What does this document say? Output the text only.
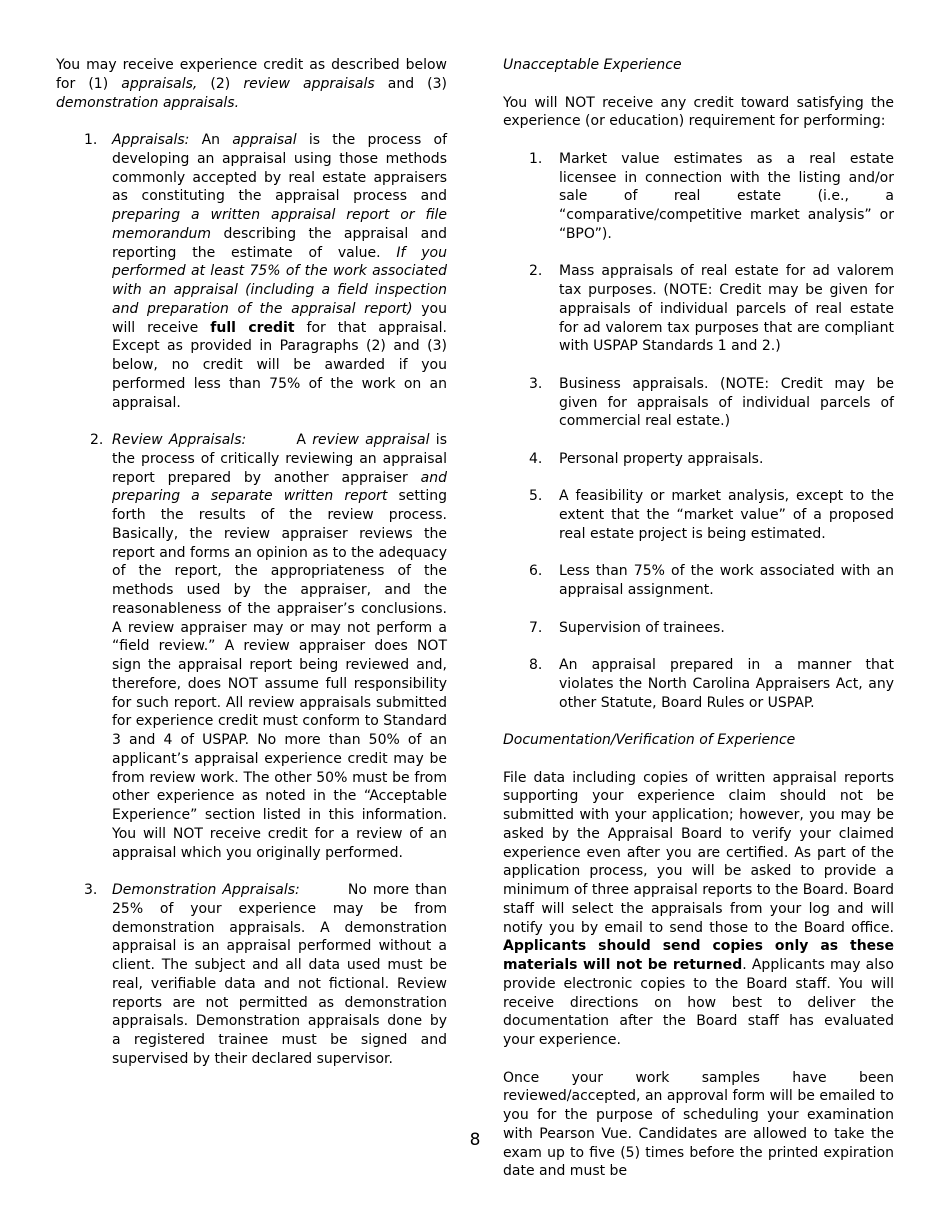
You may receive experience credit as described below for (1) appraisals, (2) review appraisals and (3) demonstration appraisals.

1.	Appraisals: An appraisal is the process of developing an appraisal using those methods commonly accepted by real estate appraisers as constituting the appraisal process and preparing a written appraisal report or file memorandum describing the appraisal and reporting the estimate of value. If you performed at least 75% of the work associated with an appraisal (including a field inspection and preparation of the appraisal report) you will receive full credit for that appraisal. Except as provided in Paragraphs (2) and (3) below, no credit will be awarded if you performed less than 75% of the work on an appraisal.

2. Review Appraisals:        A review appraisal is the process of critically reviewing an appraisal report prepared by another appraiser and preparing a separate written report setting forth the results of the review process. Basically, the review appraiser reviews the report and forms an opinion as to the adequacy of the report, the appropriateness of the methods used by the appraiser, and the reasonableness of the appraiser’s conclusions. A review appraiser may or may not perform a “field review.” A review appraiser does NOT sign the appraisal report being reviewed and, therefore, does NOT assume full responsibility for such report. All review appraisals submitted for experience credit must conform to Standard 3 and 4 of USPAP. No more than 50% of an applicant’s appraisal experience credit may be from review work. The other 50% must be from other experience as noted in the “Acceptable Experience” section listed in this information. You will NOT receive credit for a review of an appraisal which you originally performed.

3.	Demonstration Appraisals:        No more than 25% of your experience may be from demonstration appraisals. A demonstration appraisal is an appraisal performed without a client. The subject and all data used must be real, verifiable data and not fictional. Review reports are not permitted as demonstration appraisals. Demonstration appraisals done by a registered trainee must be signed and supervised by their declared supervisor.

Unacceptable Experience

You will NOT receive any credit toward satisfying the experience (or education) requirement for performing:

1.	Market value estimates as a real estate licensee in connection with the listing and/or sale of real estate (i.e., a “comparative/competitive market analysis” or “BPO”).

2.	Mass appraisals of real estate for ad valorem tax purposes. (NOTE: Credit may be given for appraisals of individual parcels of real estate for ad valorem tax purposes that are compliant with USPAP Standards 1 and 2.)

3.	Business appraisals. (NOTE: Credit may be given for appraisals of individual parcels of commercial real estate.)

4.	Personal property appraisals.

5.	A feasibility or market analysis, except to the extent that the “market value” of a proposed real estate project is being estimated.

6.	Less than 75% of the work associated with an appraisal assignment.

7.	Supervision of trainees.

8.	An appraisal prepared in a manner that violates the North Carolina Appraisers Act, any other Statute, Board Rules or USPAP.

Documentation/Verification of Experience

File data including copies of written appraisal reports supporting your experience claim should not be submitted with your application; however, you may be asked by the Appraisal Board to verify your claimed experience even after you are certified. As part of the application process, you will be asked to provide a minimum of three appraisal reports to the Board. Board staff will select the appraisals from your log and will notify you by email to send those to the Board office. Applicants should send copies only as these materials will not be returned. Applicants may also provide electronic copies to the Board staff. You will receive directions on how best to deliver the documentation after the Board staff has evaluated your experience.

Once your work samples have been reviewed/accepted, an approval form will be emailed to you for the purpose of scheduling your examination with Pearson Vue. Candidates are allowed to take the exam up to five (5) times before the printed expiration date and must be

8
